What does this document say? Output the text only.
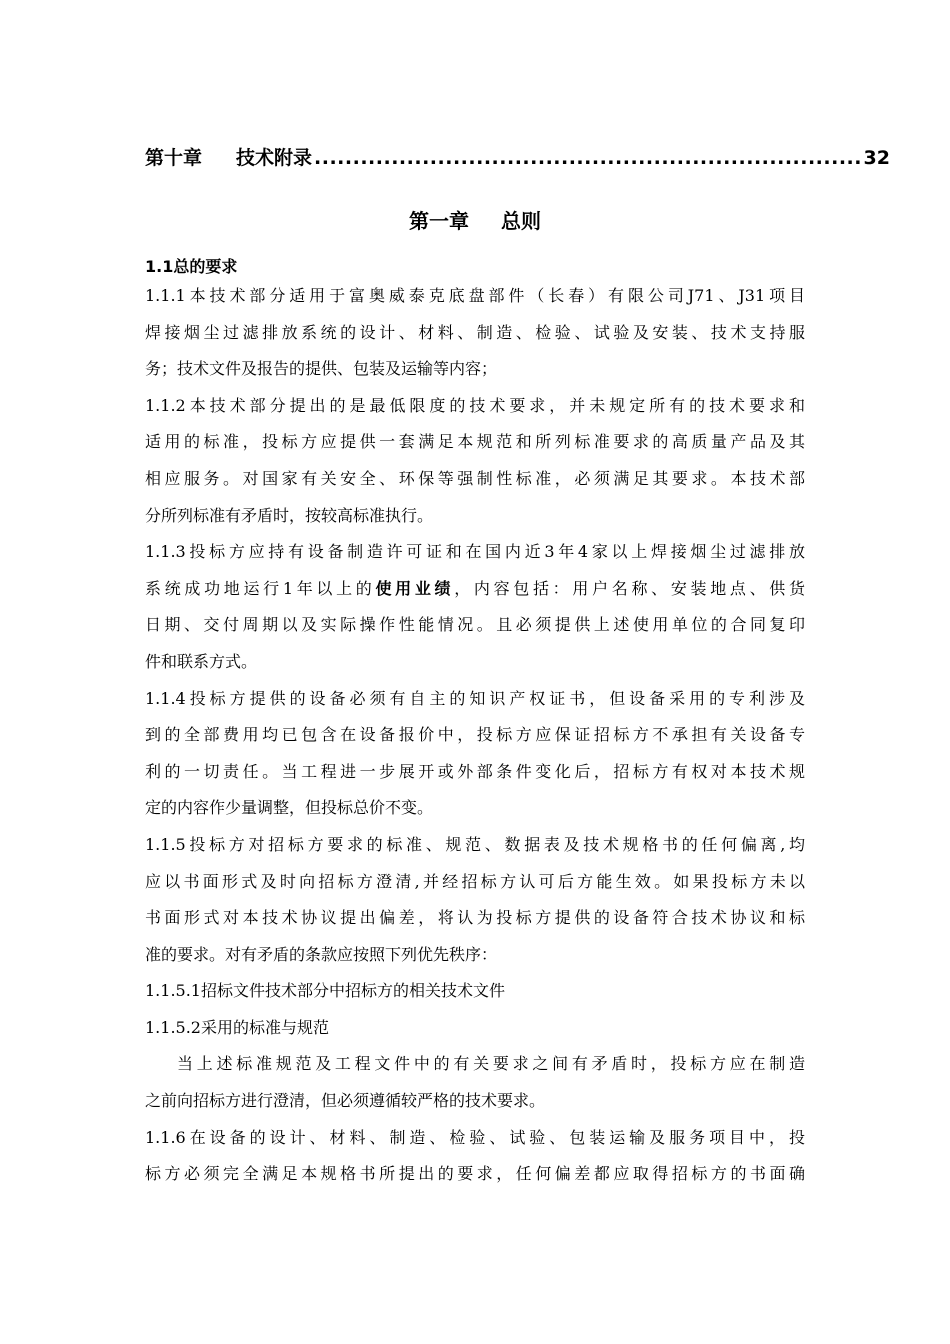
第十章 技术附录
.....	32
第一章 总则
1.1总的要求
1.1.1本技术部分适用于富奥威泰克底盘部件（长春）有限公司J71、J31项目
焊接烟尘过滤排放系统的设计、材料、制造、检验、试验及安装、技术支持服
务；技术文件及报告的提供、包装及运输等内容；
1.1.2本技术部分提出的是最低限度的技术要求，并未规定所有的技术要求和
适用的标准，投标方应提供一套满足本规范和所列标准要求的高质量产品及其
相应服务。对国家有关安全、环保等强制性标准，必须满足其要求。本技术部
分所列标准有矛盾时，按较高标准执行。
1.1.3投标方应持有设备制造许可证和在国内近3年4家以上焊接烟尘过滤排放
系统成功地运行1年以上的使用业绩，内容包括：用户名称、安装地点、供货
日期、交付周期以及实际操作性能情况。且必须提供上述使用单位的合同复印
件和联系方式。
1.1.4投标方提供的设备必须有自主的知识产权证书，但设备采用的专利涉及
到的全部费用均已包含在设备报价中，投标方应保证招标方不承担有关设备专
利的一切责任。当工程进一步展开或外部条件变化后，招标方有权对本技术规
定的内容作少量调整，但投标总价不变。
1.1.5投标方对招标方要求的标准、规范、数据表及技术规格书的任何偏离,均
应以书面形式及时向招标方澄清,并经招标方认可后方能生效。如果投标方未以
书面形式对本技术协议提出偏差，将认为投标方提供的设备符合技术协议和标
准的要求。对有矛盾的条款应按照下列优先秩序：
1.1.5.1招标文件技术部分中招标方的相关技术文件
1.1.5.2采用的标准与规范
当上述标准规范及工程文件中的有关要求之间有矛盾时，投标方应在制造
之前向招标方进行澄清，但必须遵循较严格的技术要求。
1.1.6在设备的设计、材料、制造、检验、试验、包装运输及服务项目中，投
标方必须完全满足本规格书所提出的要求，任何偏差都应取得招标方的书面确
